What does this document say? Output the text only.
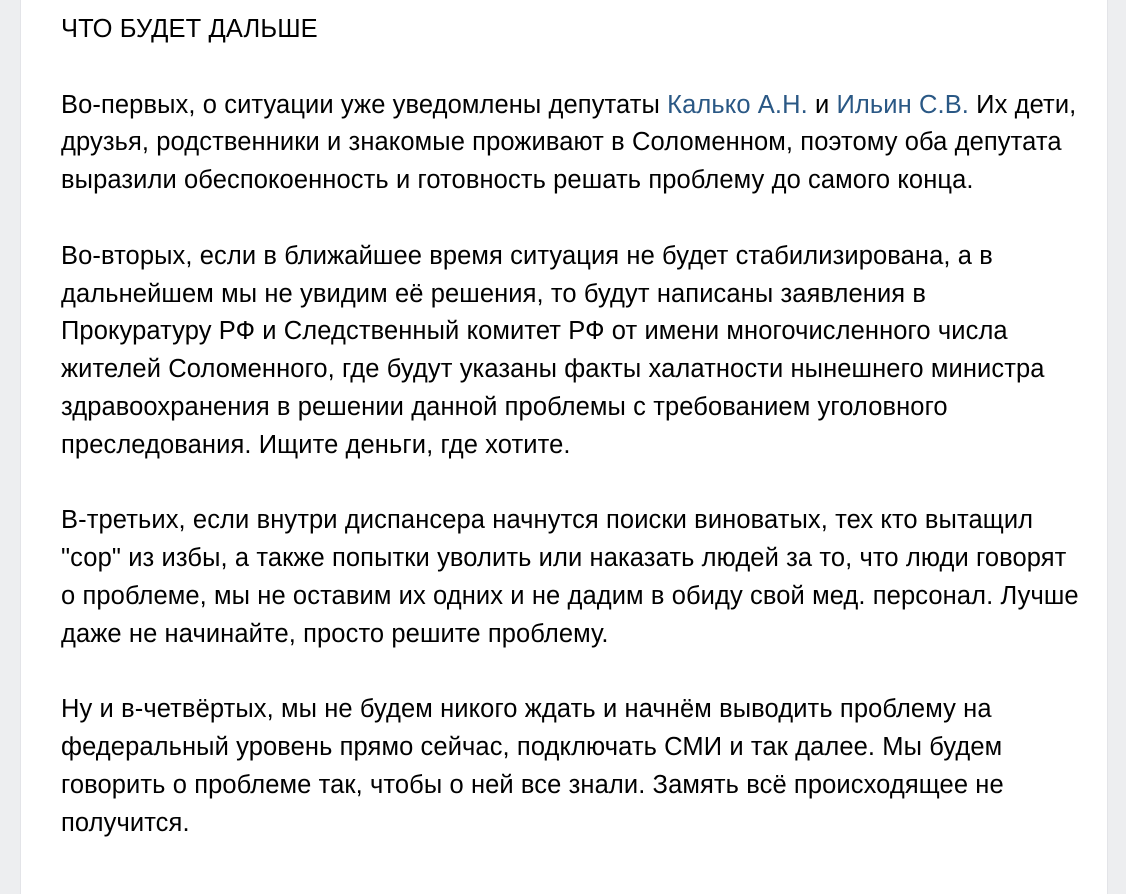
ЧТО БУДЕТ ДАЛЬШЕ
Во-первых, о ситуации уже уведомлены депутаты Калько А.Н. и Ильин С.В. Их дети, друзья, родственники и знакомые проживают в Соломенном, поэтому оба депутата выразили обеспокоенность и готовность решать проблему до самого конца.
Во-вторых, если в ближайшее время ситуация не будет стабилизирована, а в дальнейшем мы не увидим её решения, то будут написаны заявления в Прокуратуру РФ и Следственный комитет РФ от имени многочисленного числа жителей Соломенного, где будут указаны факты халатности нынешнего министра здравоохранения в решении данной проблемы с требованием уголовного преследования. Ищите деньги, где хотите.
В-третьих, если внутри диспансера начнутся поиски виноватых, тех кто вытащил "сор" из избы, а также попытки уволить или наказать людей за то, что люди говорят о проблеме, мы не оставим их одних и не дадим в обиду свой мед. персонал. Лучше даже не начинайте, просто решите проблему.
Ну и в-четвёртых, мы не будем никого ждать и начнём выводить проблему на федеральный уровень прямо сейчас, подключать СМИ и так далее. Мы будем говорить о проблеме так, чтобы о ней все знали. Замять всё происходящее не получится.
